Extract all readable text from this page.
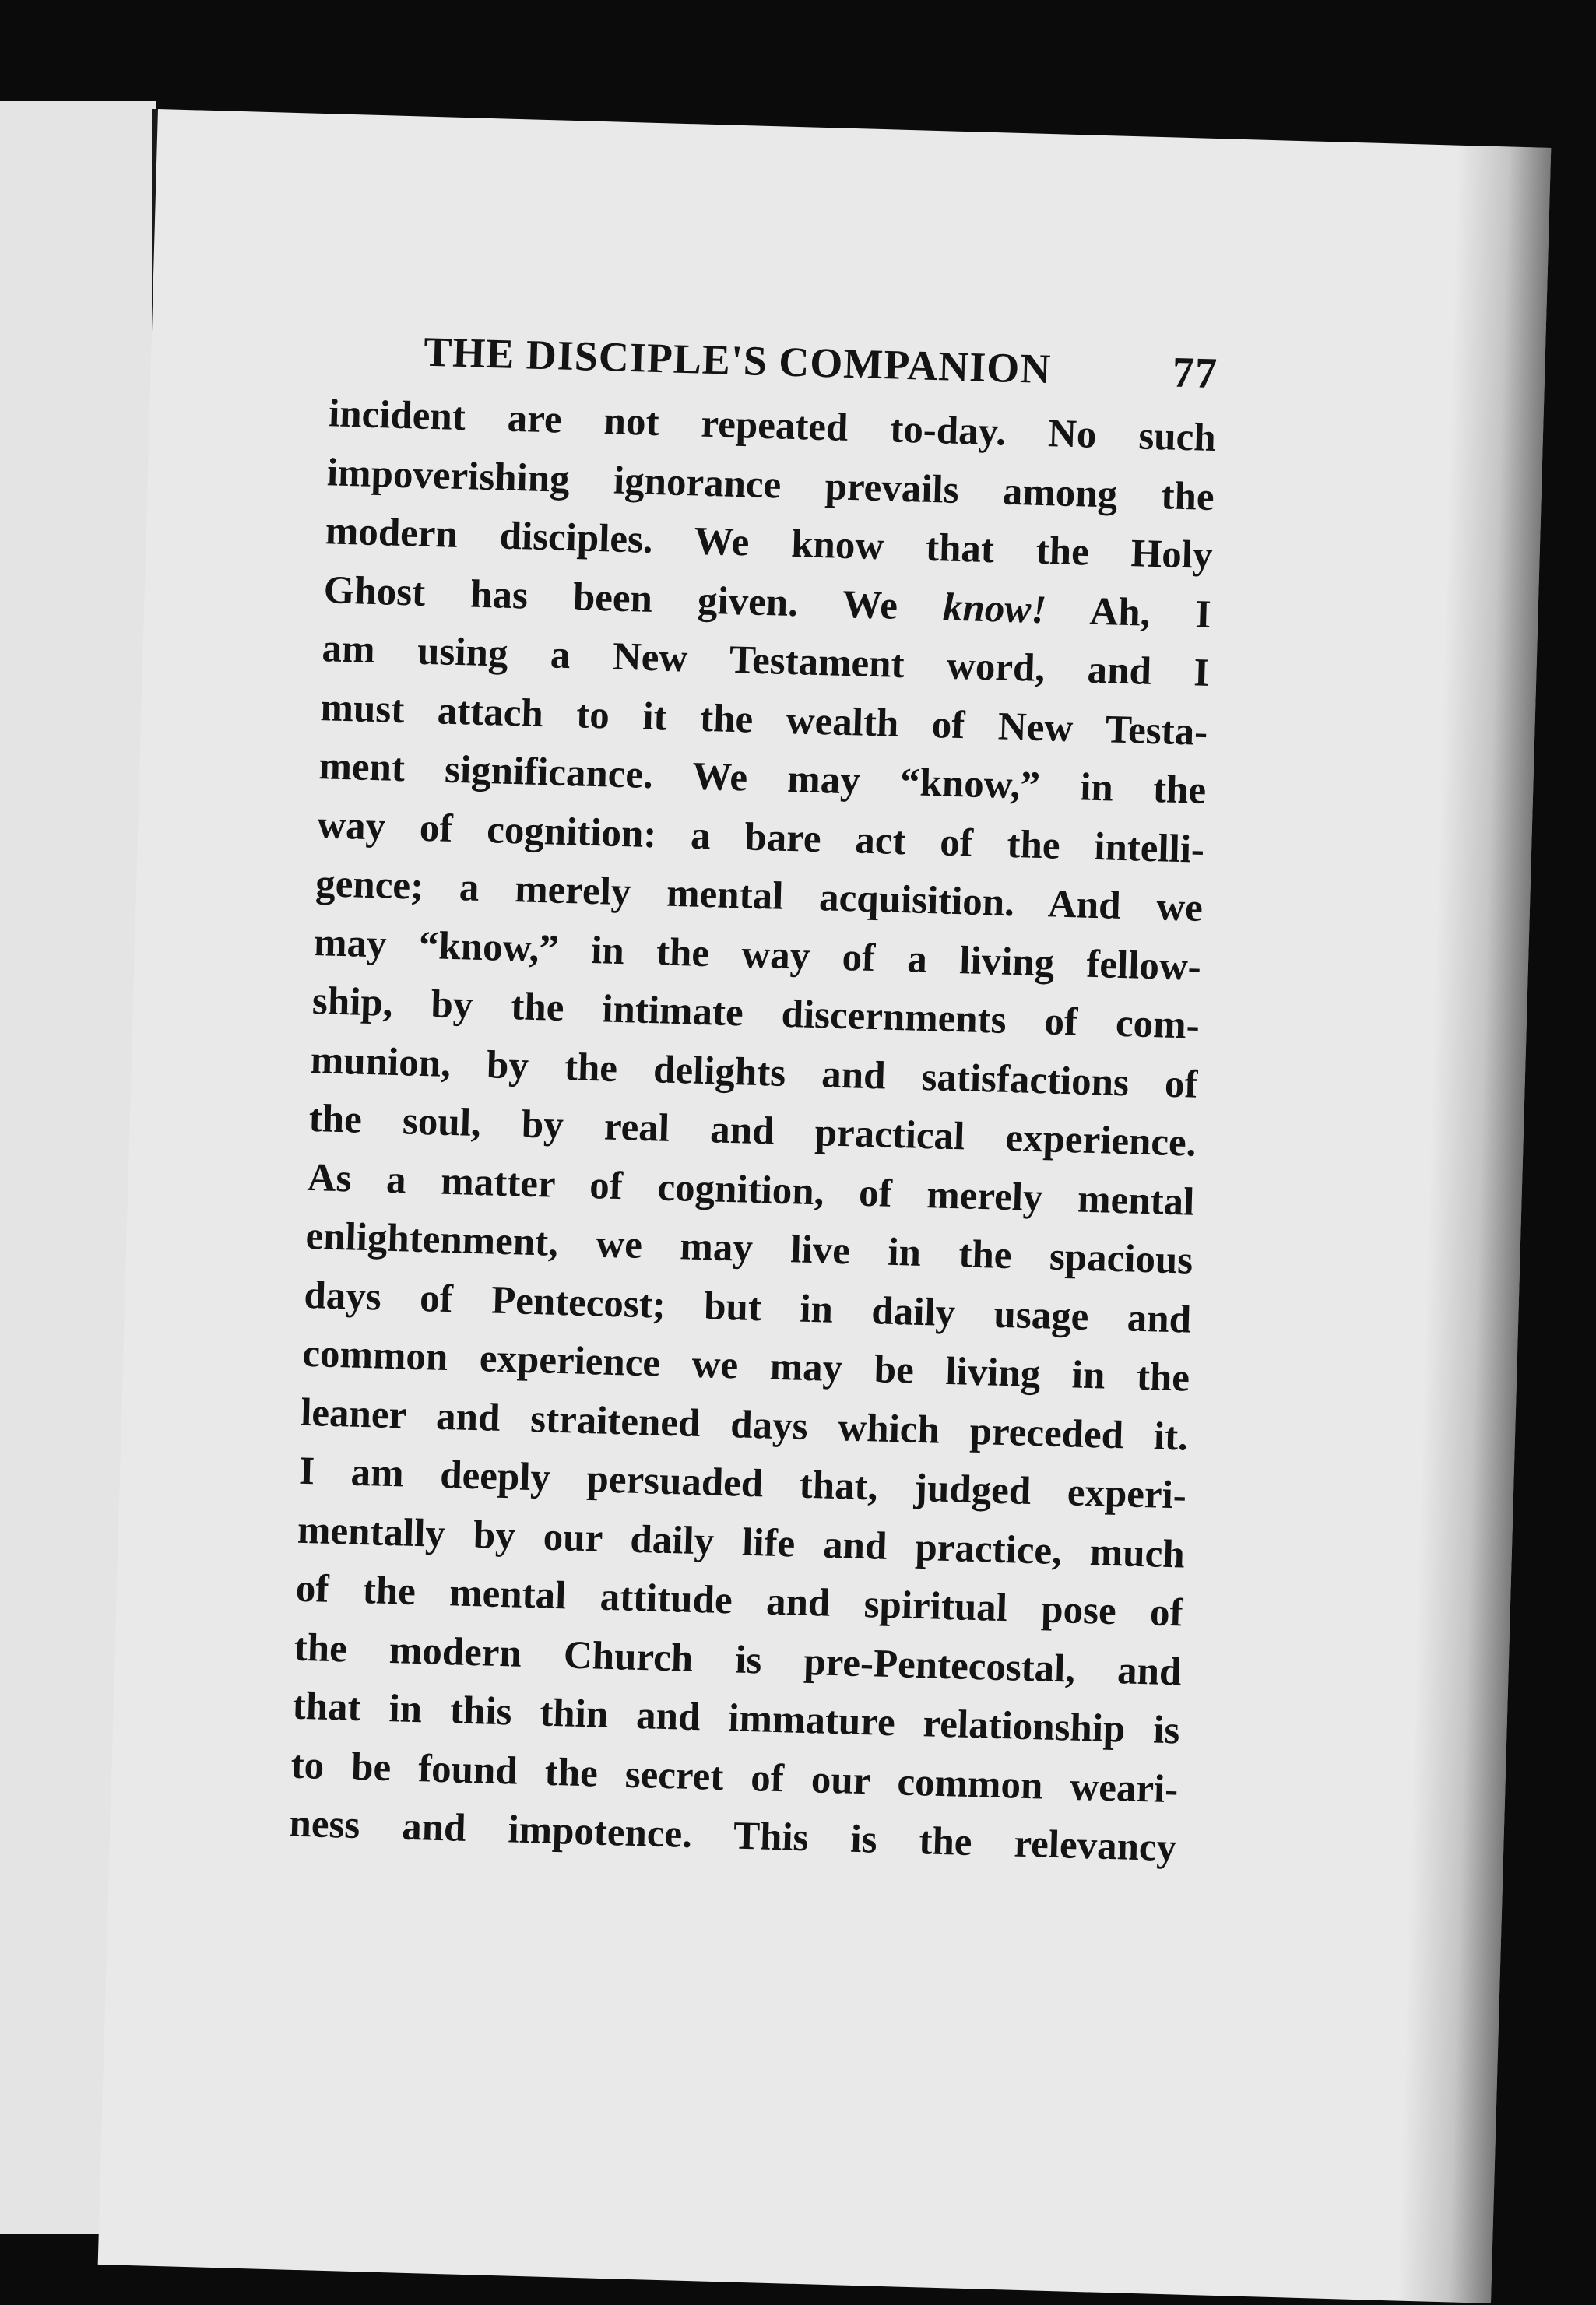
THE DISCIPLE'S COMPANION	77

incident are not repeated to-day. No such
impoverishing ignorance prevails among the
modern disciples. We know that the Holy
Ghost has been given. We know! Ah, I
am using a New Testament word, and I
must attach to it the wealth of New Testa-
ment significance. We may “know,” in the
way of cognition: a bare act of the intelli-
gence; a merely mental acquisition. And we
may “know,” in the way of a living fellow-
ship, by the intimate discernments of com-
munion, by the delights and satisfactions of
the soul, by real and practical experience.
As a matter of cognition, of merely mental
enlightenment, we may live in the spacious
days of Pentecost; but in daily usage and
common experience we may be living in the
leaner and straitened days which preceded it.
I am deeply persuaded that, judged experi-
mentally by our daily life and practice, much
of the mental attitude and spiritual pose of
the modern Church is pre-Pentecostal, and
that in this thin and immature relationship is
to be found the secret of our common weari-
ness and impotence. This is the relevancy
